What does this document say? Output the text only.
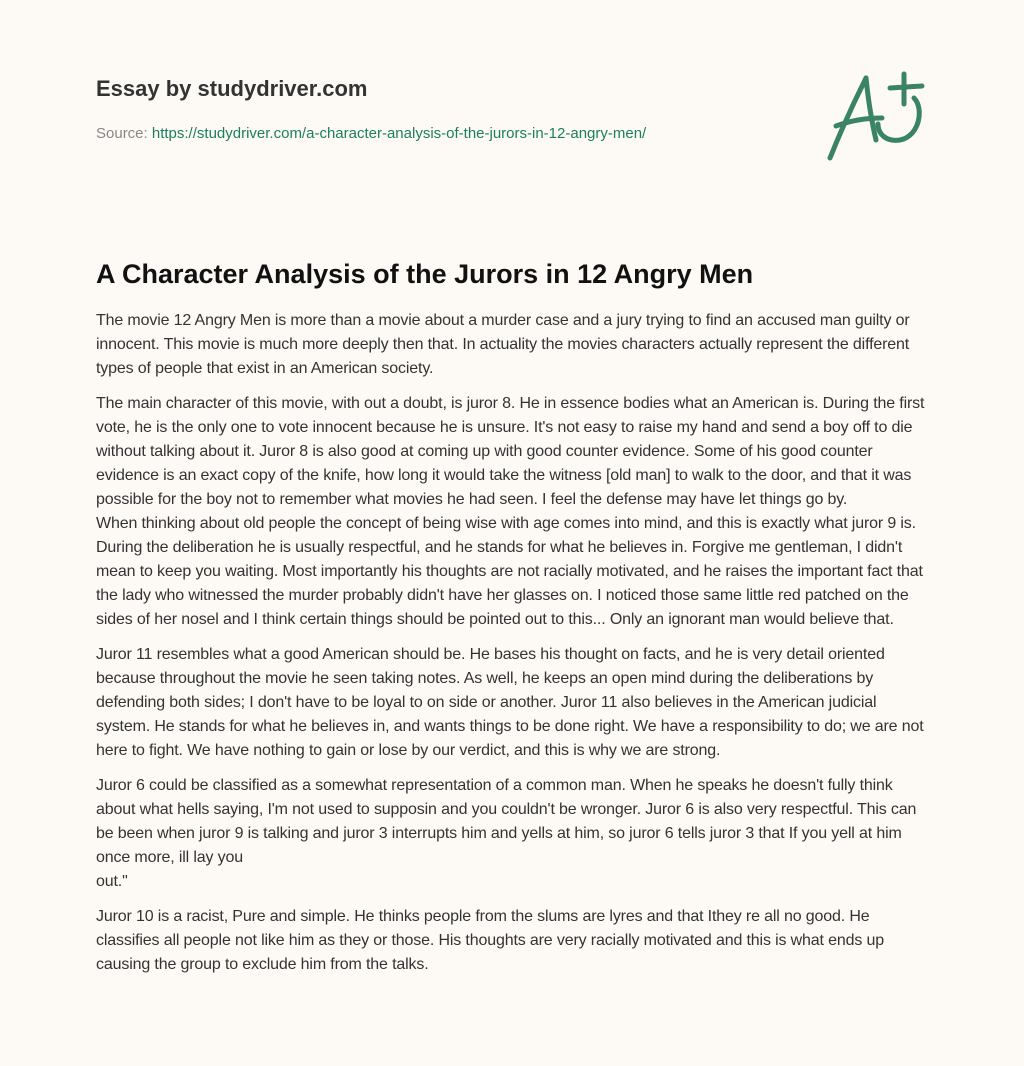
Essay by studydriver.com
Source: https://studydriver.com/a-character-analysis-of-the-jurors-in-12-angry-men/
A Character Analysis of the Jurors in 12 Angry Men

The movie 12 Angry Men is more than a movie about a murder case and a jury trying to find an accused man guilty or innocent. This movie is much more deeply then that. In actuality the movies characters actually represent the different types of people that exist in an American society.

The main character of this movie, with out a doubt, is juror 8. He in essence bodies what an American is. During the first vote, he is the only one to vote innocent because he is unsure. It's not easy to raise my hand and send a boy off to die without talking about it. Juror 8 is also good at coming up with good counter evidence. Some of his good counter evidence is an exact copy of the knife, how long it would take the witness [old man] to walk to the door, and that it was possible for the boy not to remember what movies he had seen. I feel the defense may have let things go by.

When thinking about old people the concept of being wise with age comes into mind, and this is exactly what juror 9 is. During the deliberation he is usually respectful, and he stands for what he believes in. Forgive me gentleman, I didn't mean to keep you waiting. Most importantly his thoughts are not racially motivated, and he raises the important fact that the lady who witnessed the murder probably didn't have her glasses on. I noticed those same little red patched on the sides of her nosel and I think certain things should be pointed out to this... Only an ignorant man would believe that.

Juror 11 resembles what a good American should be. He bases his thought on facts, and he is very detail oriented because throughout the movie he seen taking notes. As well, he keeps an open mind during the deliberations by defending both sides; I don't have to be loyal to on side or another. Juror 11 also believes in the American judicial system. He stands for what he believes in, and wants things to be done right. We have a responsibility to do; we are not here to fight. We have nothing to gain or lose by our verdict, and this is why we are strong.

Juror 6 could be classified as a somewhat representation of a common man. When he speaks he doesn't fully think about what hells saying, I'm not used to supposin and you couldn't be wronger. Juror 6 is also very respectful. This can be been when juror 9 is talking and juror 3 interrupts him and yells at him, so juror 6 tells juror 3 that If you yell at him once more, ill lay you

out."

Juror 10 is a racist, Pure and simple. He thinks people from the slums are lyres and that Ithey re all no good. He classifies all people not like him as they or those. His thoughts are very racially motivated and this is what ends up causing the group to exclude him from the talks.
